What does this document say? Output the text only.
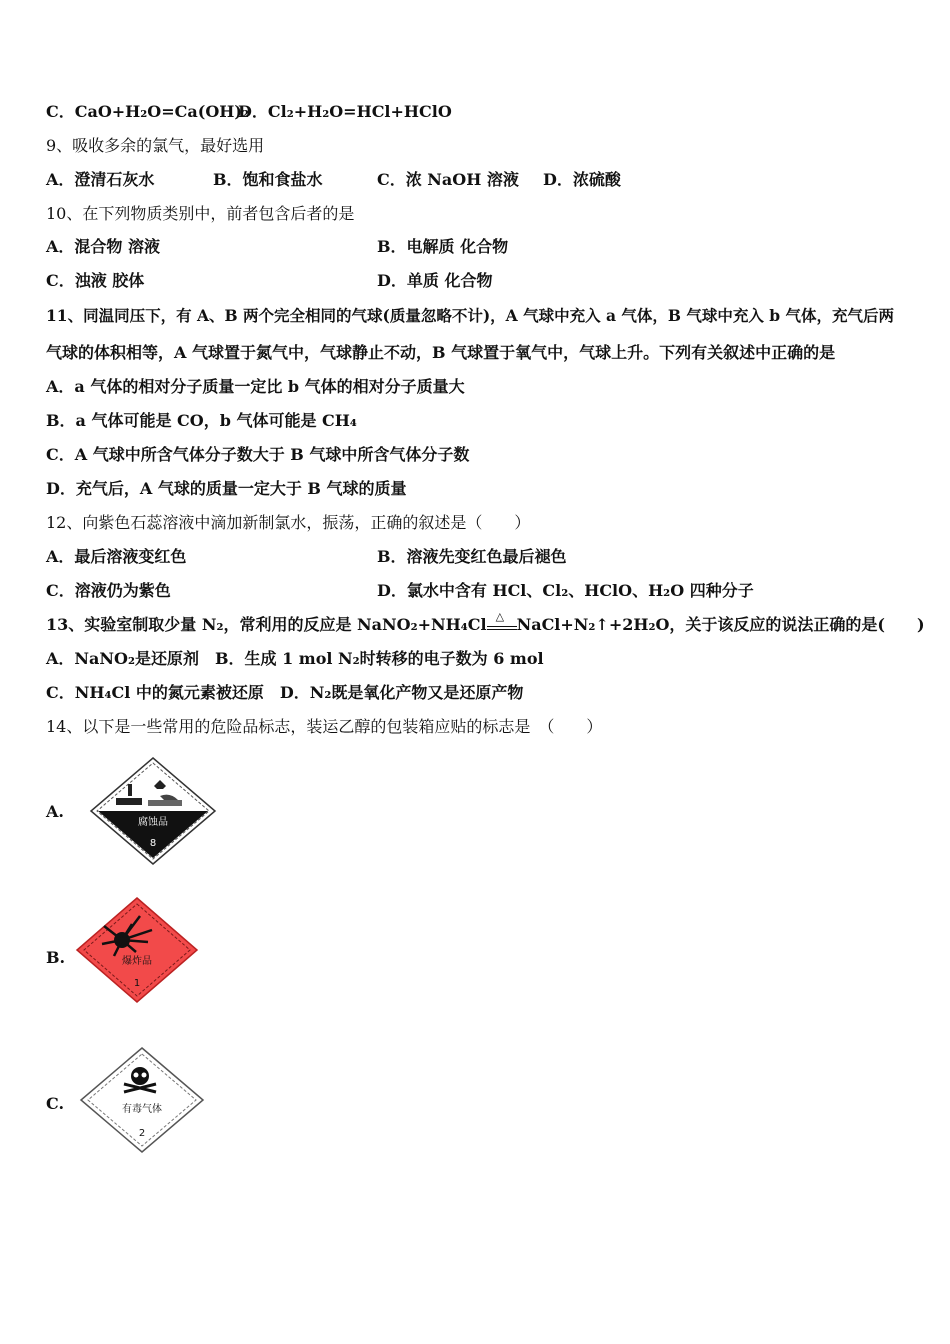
C．CaO+H₂O=Ca(OH)₂
D．Cl₂+H₂O=HCl+HClO
9、吸收多余的氯气，最好选用
A．澄清石灰水	B．饱和食盐水	C．浓 NaOH 溶液 D．浓硫酸
10、在下列物质类别中，前者包含后者的是
A．混合物 溶液	B．电解质 化合物
C．浊液 胶体	D．单质 化合物
11、同温同压下，有 A、B 两个完全相同的气球(质量忽略不计)，A 气球中充入 a 气体，B 气球中充入 b 气体，充气后两
气球的体积相等，A 气球置于氮气中，气球静止不动，B 气球置于氧气中，气球上升。下列有关叙述中正确的是
A．a 气体的相对分子质量一定比 b 气体的相对分子质量大
B．a 气体可能是 CO，b 气体可能是 CH₄
C．A 气球中所含气体分子数大于 B 气球中所含气体分子数
D．充气后，A 气球的质量一定大于 B 气球的质量
12、向紫色石蕊溶液中滴加新制氯水，振荡，正确的叙述是（　　）
A．最后溶液变红色	B．溶液先变红色最后褪色
C．溶液仍为紫色	D．氯水中含有 HCl、Cl₂、HClO、H₂O 四种分子
13、实验室制取少量 N₂，常利用的反应是 NaNO₂+NH₄Cl △ NaCl+N₂↑+2H₂O，关于该反应的说法正确的是(　　)
A．NaNO₂是还原剂　B．生成 1 mol N₂时转移的电子数为 6 mol
C．NH₄Cl 中的氮元素被还原　D．N₂既是氧化产物又是还原产物
14、以下是一些常用的危险品标志，装运乙醇的包装箱应贴的标志是　（　　）
A.
腐蚀品
8
B.	爆炸品
1
C.	有毒气体
2
